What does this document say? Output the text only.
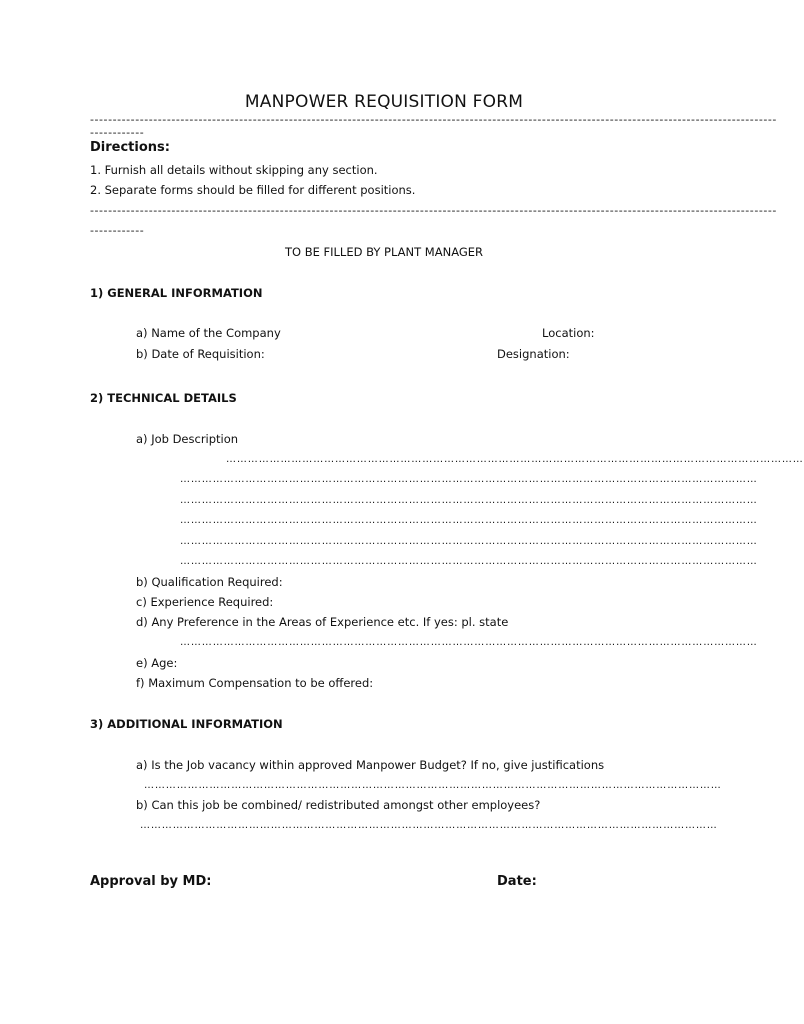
MANPOWER REQUISITION FORM
--------------------------------------------------------------------------------------------------------------------------------------------------------
------------
Directions:
1. Furnish all details without skipping any section.
2. Separate forms should be filled for different positions.
--------------------------------------------------------------------------------------------------------------------------------------------------------
------------
TO BE FILLED BY PLANT MANAGER
1) GENERAL INFORMATION
a) Name of the Company	Location:
b) Date of Requisition:	Designation:
2) TECHNICAL DETAILS
a) Job Description
……………………………………………………………………………………………………………………………………………
……………………………………………………………………………………………………………………………………………
……………………………………………………………………………………………………………………………………………
……………………………………………………………………………………………………………………………………………
……………………………………………………………………………………………………………………………………………
……………………………………………………………………………………………………………………………………………
b) Qualification Required:
c) Experience Required:
d) Any Preference in the Areas of Experience etc. If yes: pl. state
……………………………………………………………………………………………………………………………………………
e) Age:
f) Maximum Compensation to be offered:
3) ADDITIONAL INFORMATION
a) Is the Job vacancy within approved Manpower Budget? If no, give justifications
……………………………………………………………………………………………………………………………………………
b) Can this job be combined/ redistributed amongst other employees?
……………………………………………………………………………………………………………………………………………
Approval by MD:	Date:
